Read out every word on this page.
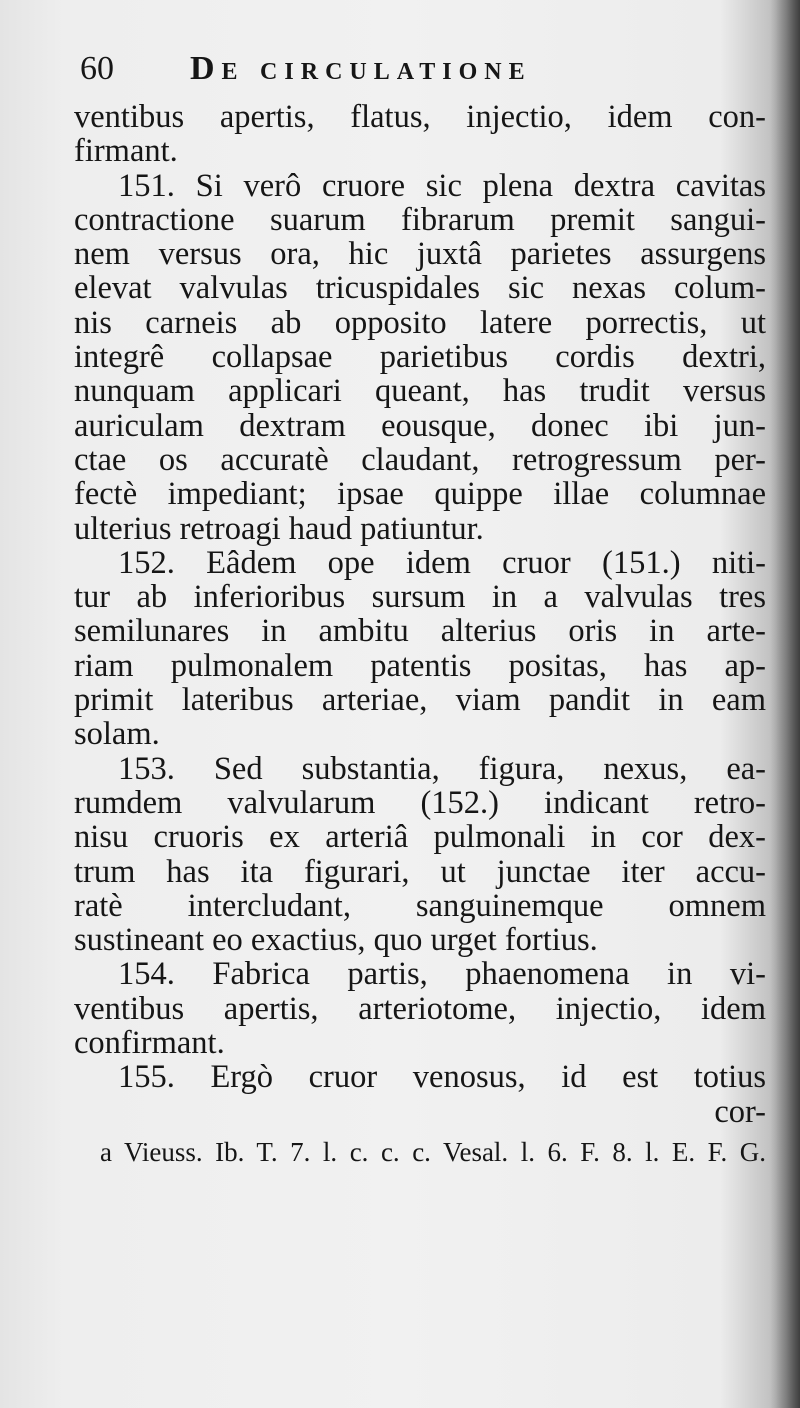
60	De circulatione
ventibus apertis, flatus, injectio, idem con-
firmant.
151. Si verô cruore sic plena dextra cavitas
contractione suarum fibrarum premit sangui-
nem versus ora, hic juxtâ parietes assurgens
elevat valvulas tricuspidales sic nexas colum-
nis carneis ab opposito latere porrectis, ut
integrê collapsae parietibus cordis dextri,
nunquam applicari queant, has trudit versus
auriculam dextram eousque, donec ibi jun-
ctae os accuratè claudant, retrogressum per-
fectè impediant; ipsae quippe illae columnae
ulterius retroagi haud patiuntur.
152. Eâdem ope idem cruor (151.) niti-
tur ab inferioribus sursum in a valvulas tres
semilunares in ambitu alterius oris in arte-
riam pulmonalem patentis positas, has ap-
primit lateribus arteriae, viam pandit in eam
solam.
153. Sed substantia, figura, nexus, ea-
rumdem valvularum (152.) indicant retro-
nisu cruoris ex arteriâ pulmonali in cor dex-
trum has ita figurari, ut junctae iter accu-
ratè intercludant, sanguinemque omnem
sustineant eo exactius, quo urget fortius.
154. Fabrica partis, phaenomena in vi-
ventibus apertis, arteriotome, injectio, idem
confirmant.
155. Ergò cruor venosus, id est totius
cor-
a Vieuss. Ib. T. 7. l. c. c. c. Vesal. l. 6. F. 8. l. E. F. G.
